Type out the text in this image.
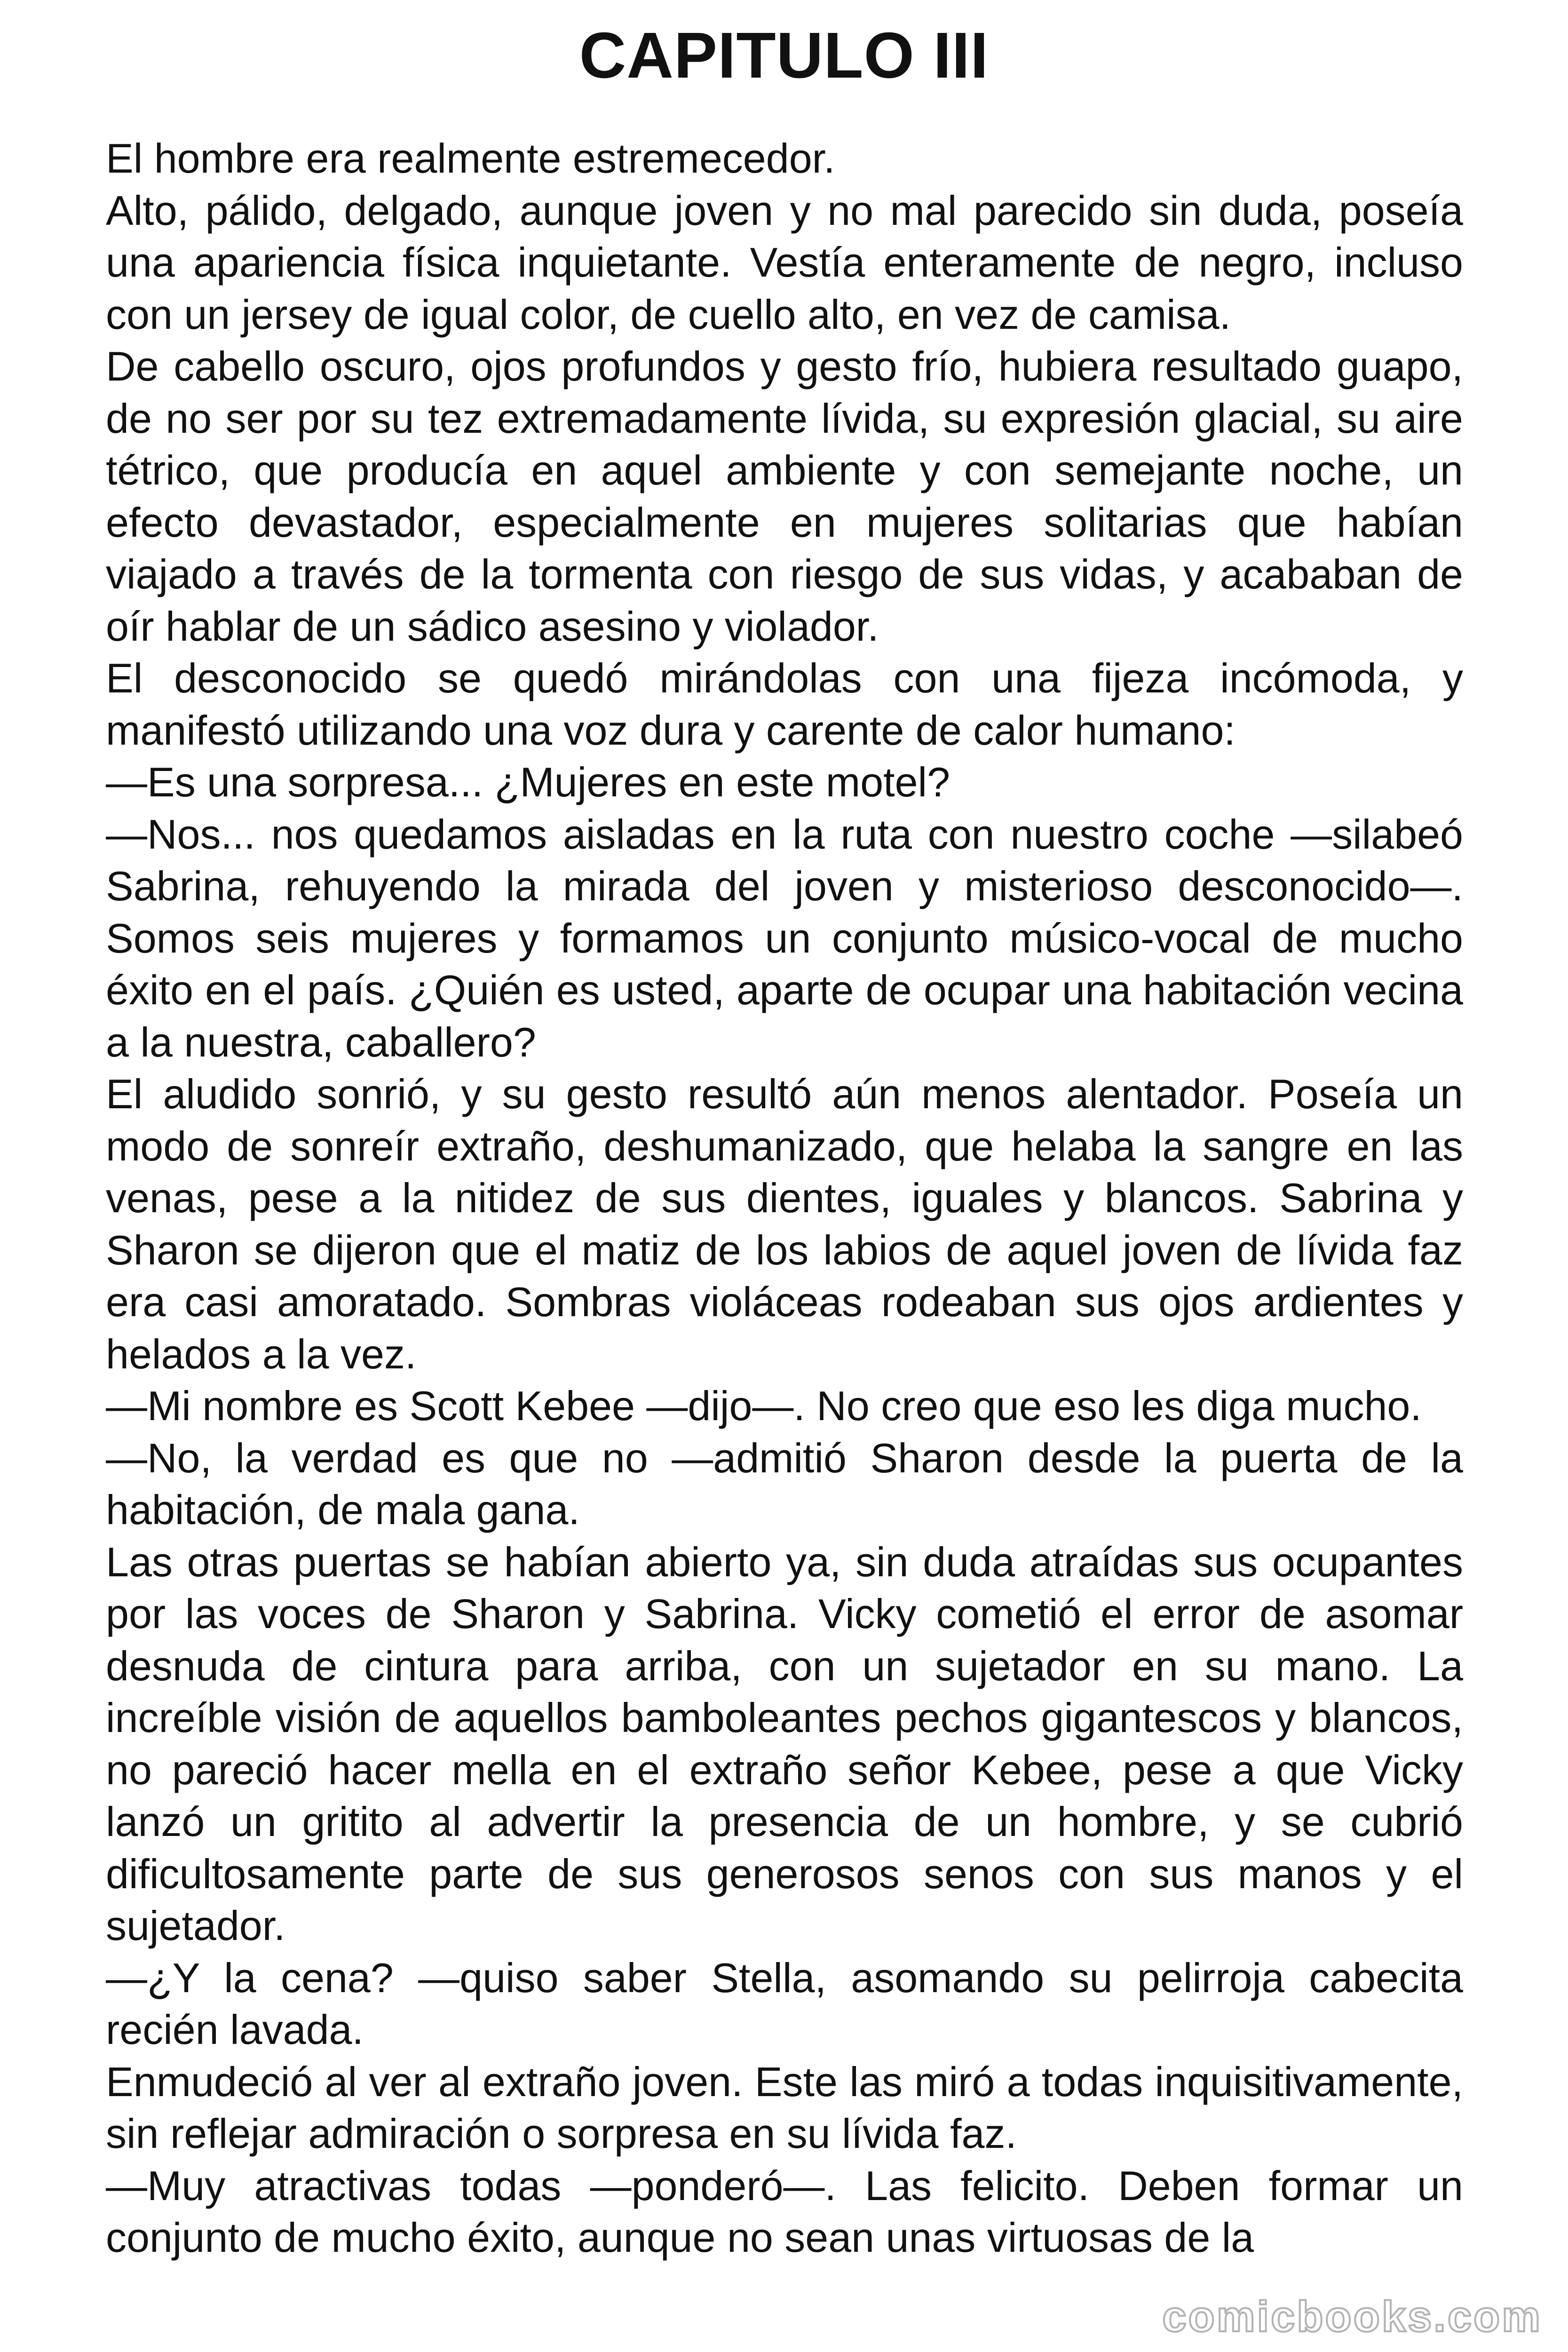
CAPITULO III

El hombre era realmente estremecedor.

Alto, pálido, delgado, aunque joven y no mal parecido sin duda, poseía una apariencia física inquietante. Vestía enteramente de negro, incluso con un jersey de igual color, de cuello alto, en vez de camisa.

De cabello oscuro, ojos profundos y gesto frío, hubiera resultado guapo, de no ser por su tez extremadamente lívida, su expresión glacial, su aire tétrico, que producía en aquel ambiente y con semejante noche, un efecto devastador, especialmente en mujeres solitarias que habían viajado a través de la tormenta con riesgo de sus vidas, y acababan de oír hablar de un sádico asesino y violador.

El desconocido se quedó mirándolas con una fijeza incómoda, y manifestó utilizando una voz dura y carente de calor humano:

—Es una sorpresa... ¿Mujeres en este motel?

—Nos... nos quedamos aisladas en la ruta con nuestro coche —silabeó Sabrina, rehuyendo la mirada del joven y misterioso desconocido—. Somos seis mujeres y formamos un conjunto músico-vocal de mucho éxito en el país. ¿Quién es usted, aparte de ocupar una habitación vecina a la nuestra, caballero?

El aludido sonrió, y su gesto resultó aún menos alentador. Poseía un modo de sonreír extraño, deshumanizado, que helaba la sangre en las venas, pese a la nitidez de sus dientes, iguales y blancos. Sabrina y Sharon se dijeron que el matiz de los labios de aquel joven de lívida faz era casi amoratado. Sombras violáceas rodeaban sus ojos ardientes y helados a la vez.

—Mi nombre es Scott Kebee —dijo—. No creo que eso les diga mucho.

—No, la verdad es que no —admitió Sharon desde la puerta de la habitación, de mala gana.

Las otras puertas se habían abierto ya, sin duda atraídas sus ocupantes por las voces de Sharon y Sabrina. Vicky cometió el error de asomar desnuda de cintura para arriba, con un sujetador en su mano. La increíble visión de aquellos bamboleantes pechos gigantescos y blancos, no pareció hacer mella en el extraño señor Kebee, pese a que Vicky lanzó un gritito al advertir la presencia de un hombre, y se cubrió dificultosamente parte de sus generosos senos con sus manos y el sujetador.

—¿Y la cena? —quiso saber Stella, asomando su pelirroja cabecita recién lavada.

Enmudeció al ver al extraño joven. Este las miró a todas inquisitivamente, sin reflejar admiración o sorpresa en su lívida faz.

—Muy atractivas todas —ponderó—. Las felicito. Deben formar un conjunto de mucho éxito, aunque no sean unas virtuosas de la

comicbooks.com
